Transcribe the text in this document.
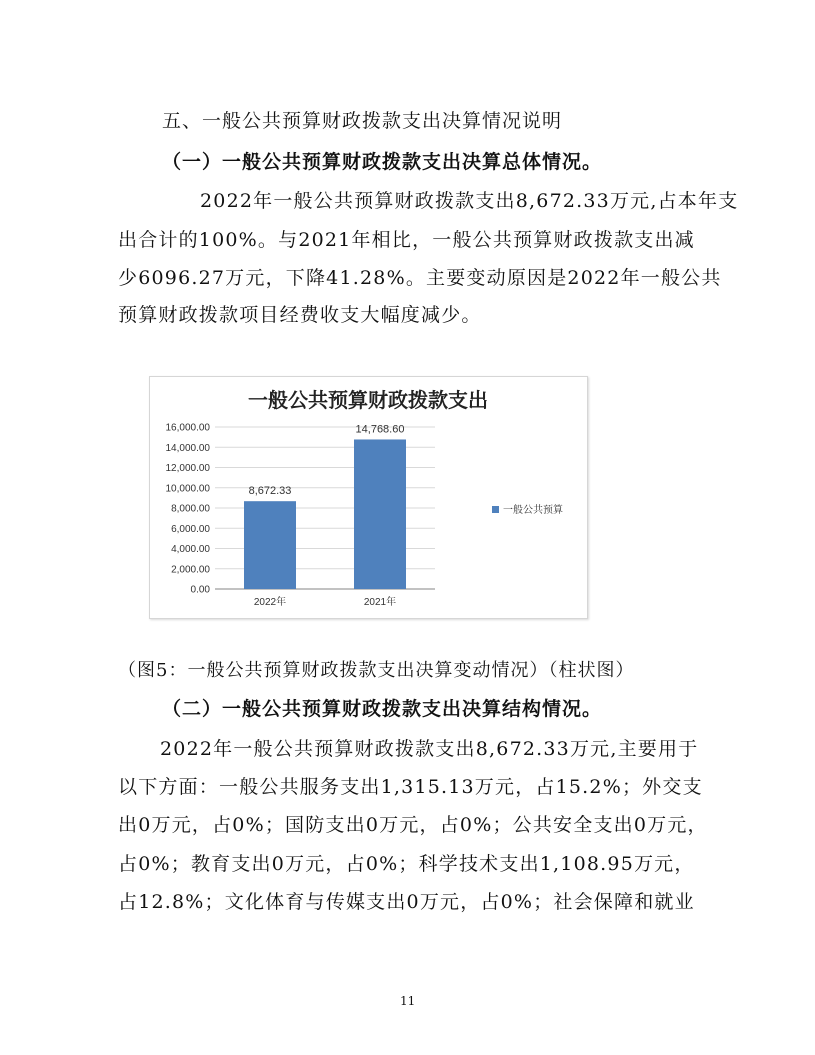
五、一般公共预算财政拨款支出决算情况说明

（一）一般公共预算财政拨款支出决算总体情况。

2022年一般公共预算财政拨款支出8,672.33万元,占本年支

出合计的100%。与2021年相比，一般公共预算财政拨款支出减

少6096.27万元，下降41.28%。主要变动原因是2022年一般公共

预算财政拨款项目经费收支大幅度减少。

一般公共预算财政拨款支出
0.00
2,000.00
4,000.00
6,000.00
8,000.00
10,000.00
12,000.00
14,000.00
16,000.00
8,672.33
2022年
14,768.60
2021年
一般公共预算

（图5：一般公共预算财政拨款支出决算变动情况）（柱状图）

（二）一般公共预算财政拨款支出决算结构情况。

2022年一般公共预算财政拨款支出8,672.33万元,主要用于

以下方面：一般公共服务支出1,315.13万元，占15.2%；外交支

出0万元，占0%；国防支出0万元，占0%；公共安全支出0万元，

占0%；教育支出0万元，占0%；科学技术支出1,108.95万元，

占12.8%；文化体育与传媒支出0万元，占0%；社会保障和就业

11
